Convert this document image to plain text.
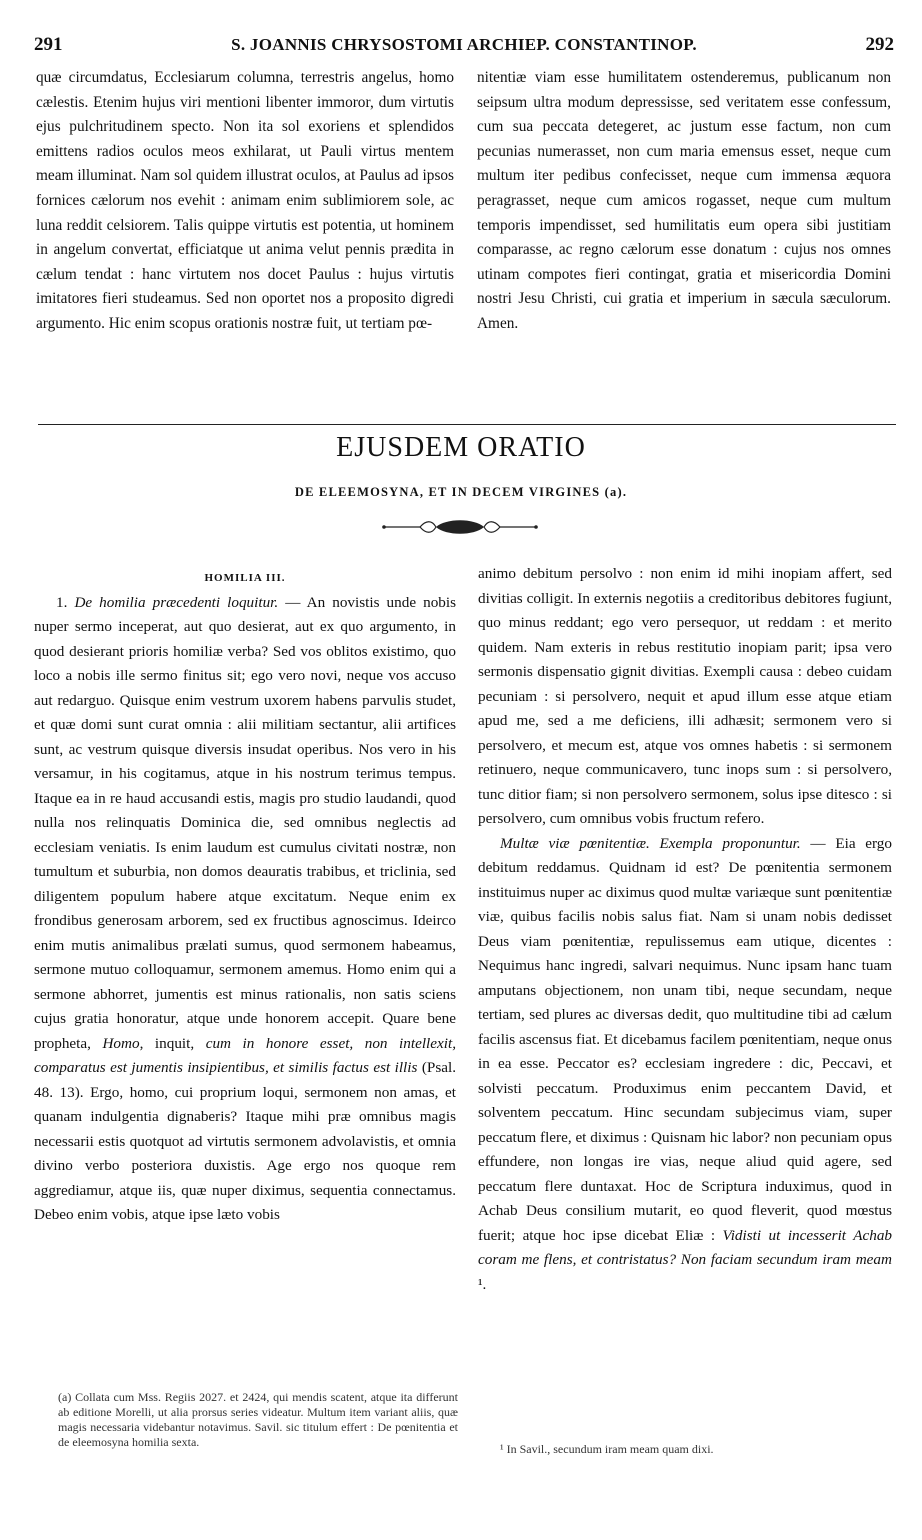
291	S. JOANNIS CHRYSOSTOMI ARCHIEP. CONSTANTINOP.	292

quæ circumdatus, Ecclesiarum columna, terrestris angelus, homo cælestis. Etenim hujus viri mentioni libenter immoror, dum virtutis ejus pulchritudinem specto. Non ita sol exoriens et splendidos emittens radios oculos meos exhilarat, ut Pauli virtus mentem meam illuminat. Nam sol quidem illustrat oculos, at Paulus ad ipsos fornices cælorum nos evehit : animam enim sublimiorem sole, ac luna reddit celsiorem. Talis quippe virtutis est potentia, ut hominem in angelum convertat, efficiatque ut anima velut pennis prædita in cælum tendat : hanc virtutem nos docet Paulus : hujus virtutis imitatores fieri studeamus. Sed non oportet nos a proposito digredi argumento. Hic enim scopus orationis nostræ fuit, ut tertiam pœ-

nitentiæ viam esse humilitatem ostenderemus, publicanum non seipsum ultra modum depressisse, sed veritatem esse confessum, cum sua peccata detegeret, ac justum esse factum, non cum pecunias numerasset, non cum maria emensus esset, neque cum multum iter pedibus confecisset, neque cum immensa æquora peragrasset, neque cum amicos rogasset, neque cum multum temporis impendisset, sed humilitatis eum opera sibi justitiam comparasse, ac regno cælorum esse donatum : cujus nos omnes utinam compotes fieri contingat, gratia et misericordia Domini nostri Jesu Christi, cui gratia et imperium in sæcula sæculorum. Amen.

EJUSDEM ORATIO
DE ELEEMOSYNA, ET IN DECEM VIRGINES (a).
HOMILIA III.

1. De homilia præcedenti loquitur. — An novistis unde nobis nuper sermo inceperat, aut quo desierat, aut ex quo argumento, in quod desierant prioris homiliæ verba? Sed vos oblitos existimo, quo loco a nobis ille sermo finitus sit; ego vero novi, neque vos accuso aut redarguo. Quisque enim vestrum uxorem habens parvulis studet, et quæ domi sunt curat omnia : alii militiam sectantur, alii artifices sunt, ac vestrum quisque diversis insudat operibus. Nos vero in his versamur, in his cogitamus, atque in his nostrum terimus tempus. Itaque ea in re haud accusandi estis, magis pro studio laudandi, quod nulla nos relinquatis Dominica die, sed omnibus neglectis ad ecclesiam veniatis. Is enim laudum est cumulus civitati nostræ, non tumultum et suburbia, non domos deauratis trabibus, et triclinia, sed diligentem populum habere atque excitatum. Neque enim ex frondibus generosam arborem, sed ex fructibus agnoscimus. Ideirco enim mutis animalibus prælati sumus, quod sermonem habeamus, sermone mutuo colloquamur, sermonem amemus. Homo enim qui a sermone abhorret, jumentis est minus rationalis, non satis sciens cujus gratia honoratur, atque unde honorem accepit. Quare bene propheta, Homo, inquit, cum in honore esset, non intellexit, comparatus est jumentis insipientibus, et similis factus est illis (Psal. 48. 13). Ergo, homo, cui proprium loqui, sermonem non amas, et quanam indulgentia dignaberis? Itaque mihi præ omnibus magis necessarii estis quotquot ad virtutis sermonem advolavistis, et omnia divino verbo posteriora duxistis. Age ergo nos quoque rem aggrediamur, atque iis, quæ nuper diximus, sequentia connectamus. Debeo enim vobis, atque ipse læto vobis

animo debitum persolvo : non enim id mihi inopiam affert, sed divitias colligit. In externis negotiis a creditoribus debitores fugiunt, quo minus reddant; ego vero persequor, ut reddam : et merito quidem. Nam exteris in rebus restitutio inopiam parit; ipsa vero sermonis dispensatio gignit divitias. Exempli causa : debeo cuidam pecuniam : si persolvero, nequit et apud illum esse atque etiam apud me, sed a me deficiens, illi adhæsit; sermonem vero si persolvero, et mecum est, atque vos omnes habetis : si sermonem retinuero, neque communicavero, tunc inops sum : si persolvero, tunc ditior fiam; si non persolvero sermonem, solus ipse ditesco : si persolvero, cum omnibus vobis fructum refero.

Multæ viæ pœnitentiæ. Exempla proponuntur. — Eia ergo debitum reddamus. Quidnam id est? De pœnitentia sermonem instituimus nuper ac diximus quod multæ variæque sunt pœnitentiæ viæ, quibus facilis nobis salus fiat. Nam si unam nobis dedisset Deus viam pœnitentiæ, repulissemus eam utique, dicentes : Nequimus hanc ingredi, salvari nequimus. Nunc ipsam hanc tuam amputans objectionem, non unam tibi, neque secundam, neque tertiam, sed plures ac diversas dedit, quo multitudine tibi ad cælum facilis ascensus fiat. Et dicebamus facilem pœnitentiam, neque onus in ea esse. Peccator es? ecclesiam ingredere : dic, Peccavi, et solvisti peccatum. Produximus enim peccantem David, et solventem peccatum. Hinc secundam subjecimus viam, super peccatum flere, et diximus : Quisnam hic labor? non pecuniam opus effundere, non longas ire vias, neque aliud quid agere, sed peccatum flere duntaxat. Hoc de Scriptura induximus, quod in Achab Deus consilium mutarit, eo quod fleverit, quod mœstus fuerit; atque hoc ipse dicebat Eliæ : Vidisti ut incesserit Achab coram me flens, et contristatus? Non faciam secundum iram meam ¹.

(a) Collata cum Mss. Regiis 2027. et 2424, qui mendis scatent, atque ita differunt ab editione Morelli, ut alia prorsus series videatur. Multum item variant aliis, quæ magis necessaria videbantur notavimus. Savil. sic titulum effert : De pœnitentia et de eleemosyna homilia sexta.	¹ In Savil., secundum iram meam quam dixi.
